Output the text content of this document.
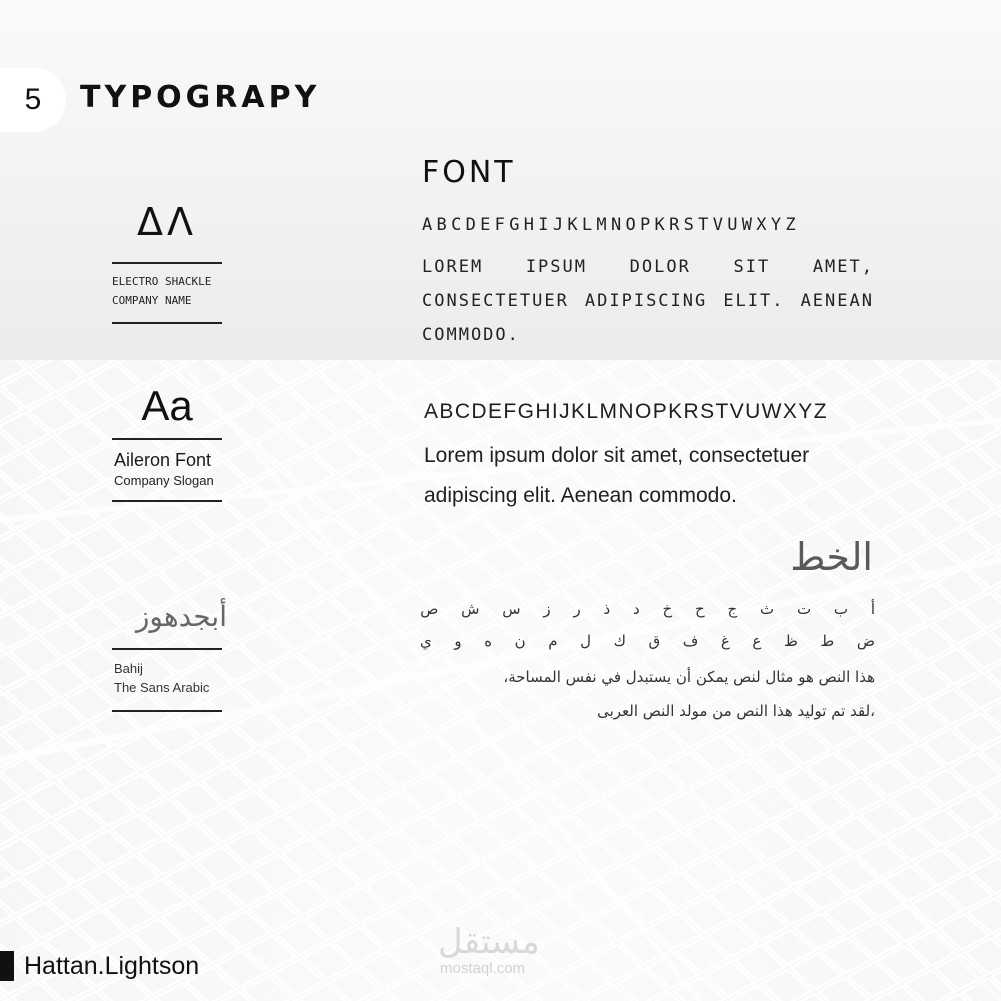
5	TYPOGRAPY
ΔΛ
ELECTRO SHACKLE
COMPANY NAME
Aa
Aileron Font
Company Slogan
أبجدهوز
Bahij
The Sans Arabic
FONT
ABCDEFGHIJKLMNOPKRSTVUWXYZ
LOREM IPSUM DOLOR SIT AMET, CONSECTETUER ADIPISCING ELIT. AENEAN COMMODO.
ABCDEFGHIJKLMNOPKRSTVUWXYZ
Lorem ipsum dolor sit amet, consectetuer adipiscing elit. Aenean commodo.
الخط
أ
ب
ت
ث
ج
ح
خ
د
ذ
ر
ز
س
ش
ص
ض
ط
ظ
ع
غ
ف
ق
ك
ل
م
ن
ه
و
ي
هذا النص هو مثال لنص يمكن أن يستبدل في نفس المساحة،
،لقد تم توليد هذا النص من مولد النص العربى
مستقل
mostaql.com
Hattan.Lightson
